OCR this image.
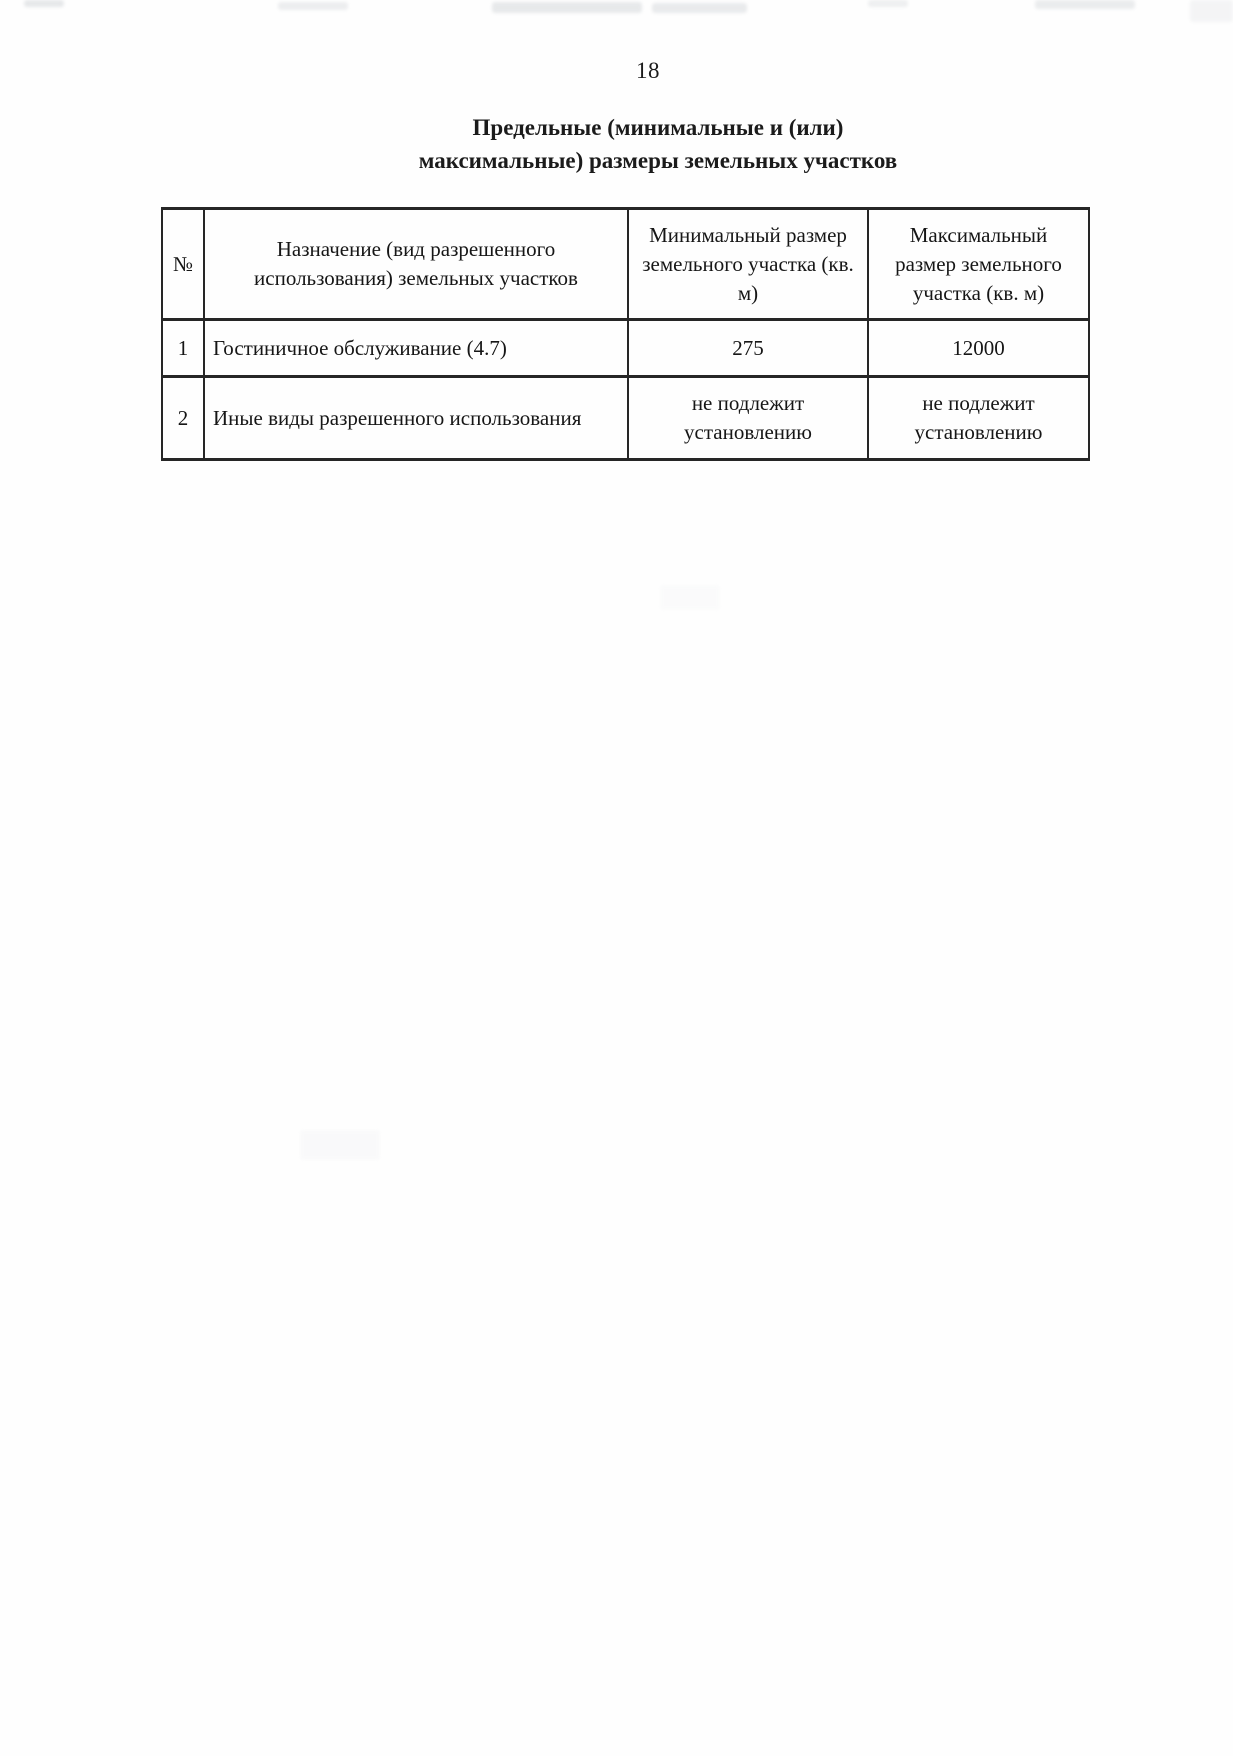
18
Предельные (минимальные и (или)
максимальные) размеры земельных участков
№	Назначение (вид разрешенного использования) земельных участков	Минимальный размер земельного участка (кв. м)	Максимальный размер земельного участка (кв. м)
1	Гостиничное обслуживание (4.7)	275	12000
2	Иные виды разрешенного использования	не подлежит установлению	не подлежит установлению
